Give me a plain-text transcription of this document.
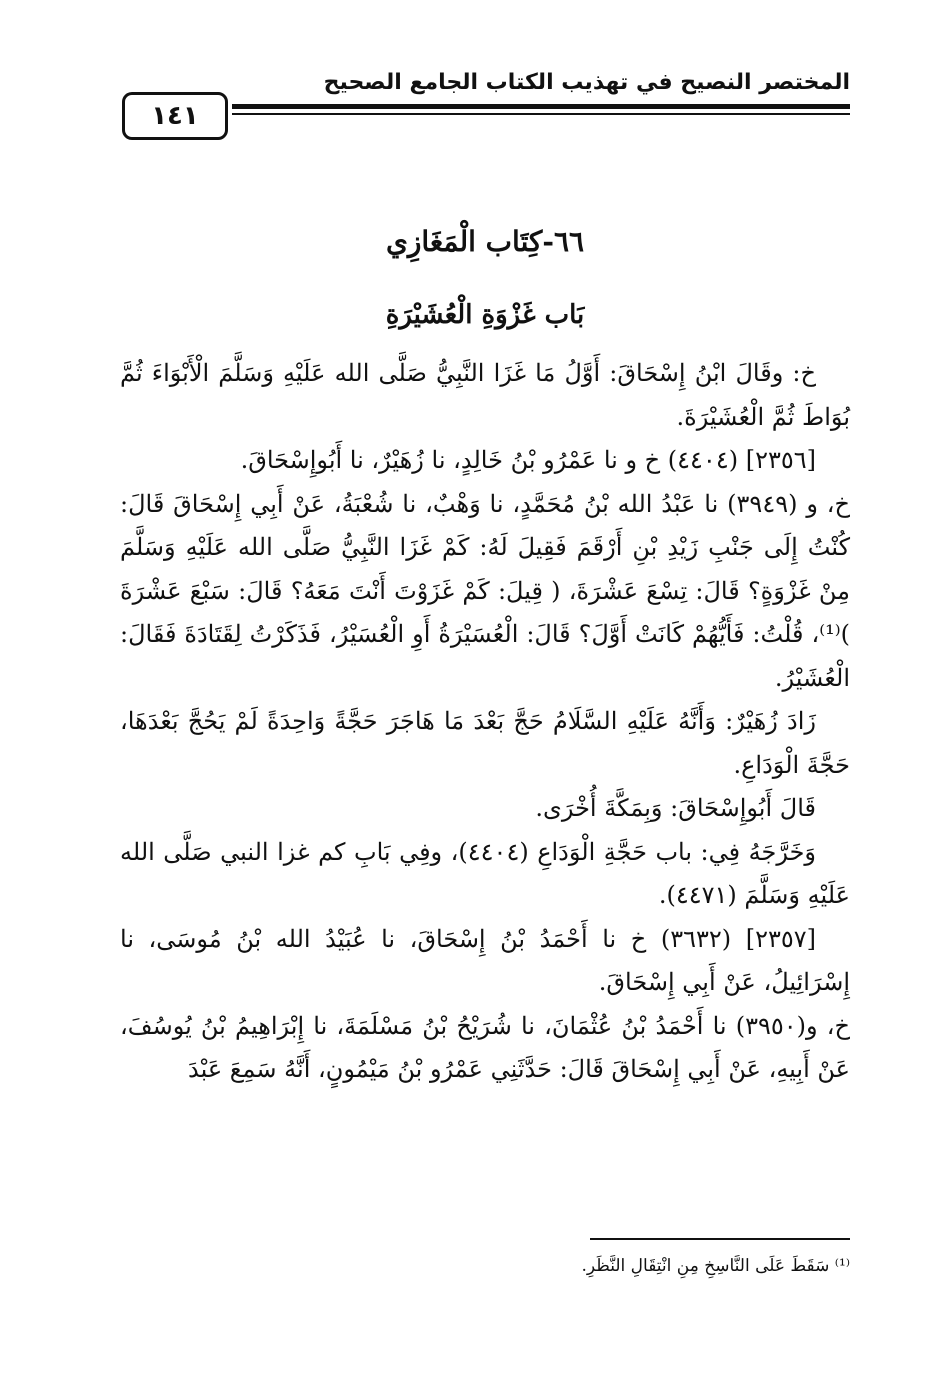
المختصر النصيح في تهذيب الكتاب الجامع الصحيح
١٤١
٦٦-كِتَاب الْمَغَازِي
بَاب غَزْوَةِ الْعُشَيْرَةِ

خ: وقَالَ ابْنُ إِسْحَاقَ: أَوَّلُ مَا غَزَا النَّبِيُّ صَلَّى الله عَلَيْهِ وَسَلَّمَ الْأَبْوَاءَ ثُمَّ بُوَاطَ ثُمَّ الْعُشَيْرَةَ.

[٢٣٥٦] (٤٤٠٤) خ و نا عَمْرُو بْنُ خَالِدٍ، نا زُهَيْرٌ، نا أَبُوإِسْحَاقَ.

خ، و (٣٩٤٩) نا عَبْدُ الله بْنُ مُحَمَّدٍ، نا وَهْبٌ، نا شُعْبَةُ، عَنْ أَبِي إِسْحَاقَ قَالَ: كُنْتُ إِلَى جَنْبِ زَيْدِ بْنِ أَرْقَمَ فَقِيلَ لَهُ: كَمْ غَزَا النَّبِيُّ صَلَّى الله عَلَيْهِ وَسَلَّمَ مِنْ غَزْوَةٍ؟ قَالَ: تِسْعَ عَشْرَةَ، ( قِيلَ: كَمْ غَزَوْتَ أَنْتَ مَعَهُ؟ قَالَ: سَبْعَ عَشْرَةَ )⁽¹⁾، قُلْتُ: فَأَيُّهُمْ كَانَتْ أَوَّلَ؟ قَالَ: الْعُسَيْرَةُ أَوِ الْعُسَيْرُ، فَذَكَرْتُ لِقَتَادَةَ فَقَالَ: الْعُشَيْرُ.

زَادَ زُهَيْرٌ: وَأَنَّهُ عَلَيْهِ السَّلَامُ حَجَّ بَعْدَ مَا هَاجَرَ حَجَّةً وَاحِدَةً لَمْ يَحُجَّ بَعْدَهَا، حَجَّةَ الْوَدَاعِ.

قَالَ أَبُوإِسْحَاقَ: وَبِمَكَّةَ أُخْرَى.

وَخَرَّجَهُ فِي: باب حَجَّةِ الْوَدَاعِ (٤٤٠٤)، وفِي بَابِ كم غزا النبي صَلَّى الله عَلَيْهِ وَسَلَّمَ (٤٤٧١).

[٢٣٥٧] (٣٦٣٢) خ نا أَحْمَدُ بْنُ إِسْحَاقَ، نا عُبَيْدُ الله بْنُ مُوسَى، نا إِسْرَائِيلُ، عَنْ أَبِي إِسْحَاقَ.

خ، و(٣٩٥٠) نا أَحْمَدُ بْنُ عُثْمَانَ، نا شُرَيْحُ بْنُ مَسْلَمَةَ، نا إِبْرَاهِيمُ بْنُ يُوسُفَ، عَنْ أَبِيهِ، عَنْ أَبِي إِسْحَاقَ قَالَ: حَدَّثَنِي عَمْرُو بْنُ مَيْمُونٍ، أَنَّهُ سَمِعَ عَبْدَ

⁽¹⁾ سَقَطَ عَلَى النَّاسِخِ مِنِ انْتِقَالِ النَّظَرِ.
